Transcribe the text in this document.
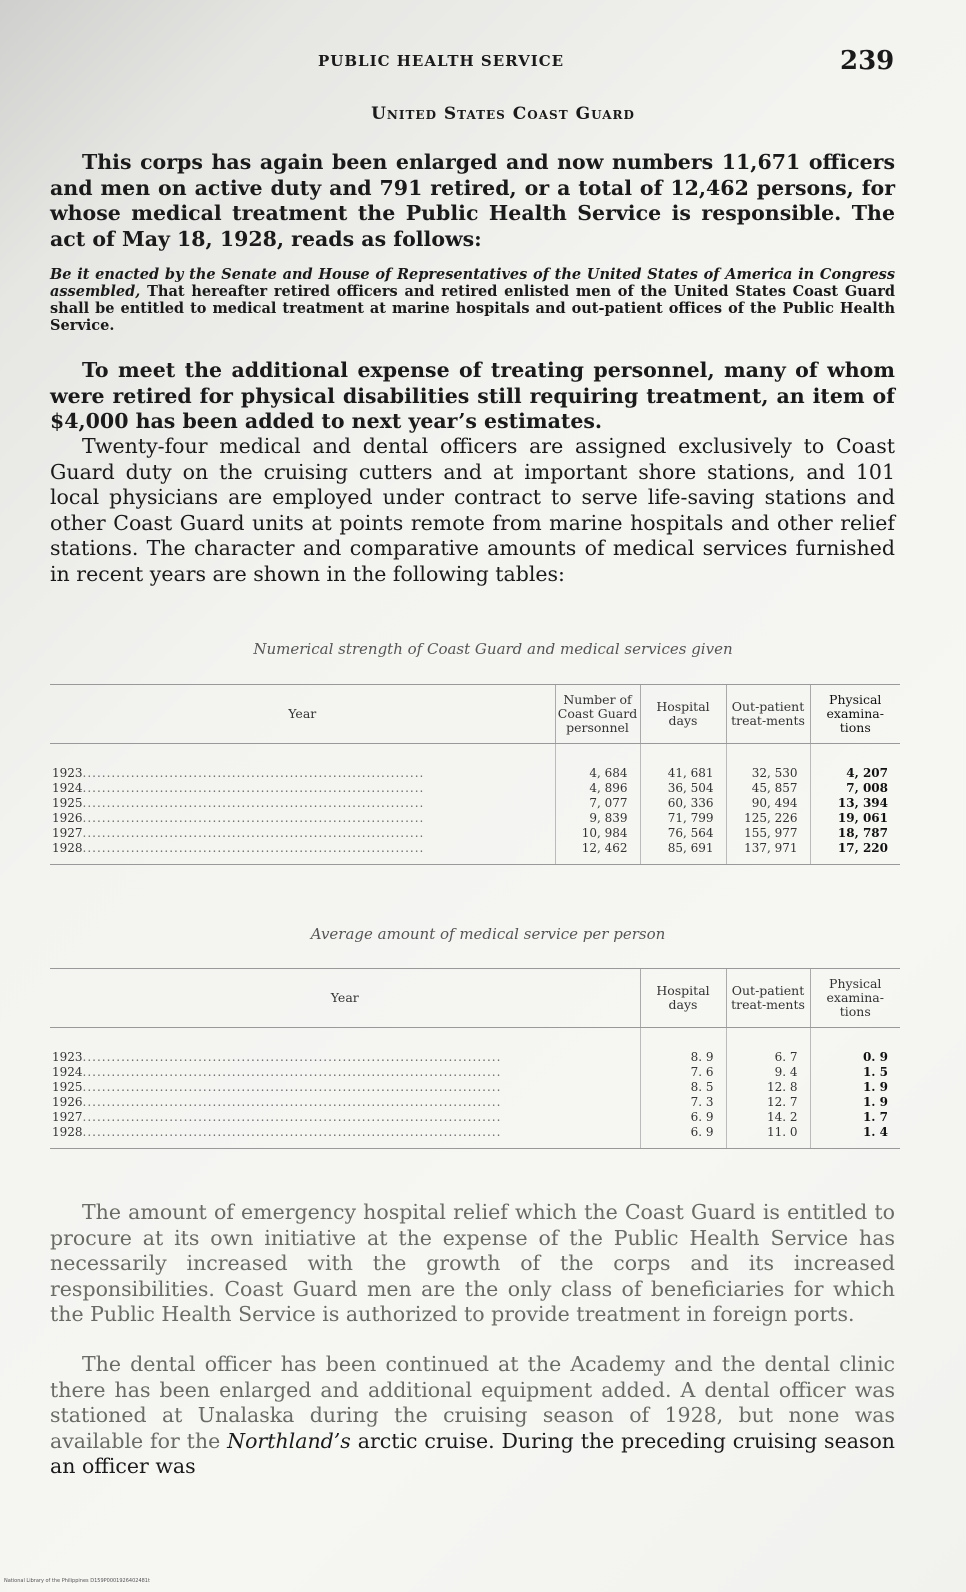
PUBLIC HEALTH SERVICE	239
United States Coast Guard

This corps has again been enlarged and now numbers 11,671 officers and men on active duty and 791 retired, or a total of 12,462 persons, for whose medical treatment the Public Health Service is responsible. The act of May 18, 1928, reads as follows:

Be it enacted by the Senate and House of Representatives of the United States of America in Congress assembled, That hereafter retired officers and retired enlisted men of the United States Coast Guard shall be entitled to medical treatment at marine hospitals and out-patient offices of the Public Health Service.

To meet the additional expense of treating personnel, many of whom were retired for physical disabilities still requiring treatment, an item of $4,000 has been added to next year’s estimates.

Twenty-four medical and dental officers are assigned exclusively to Coast Guard duty on the cruising cutters and at important shore stations, and 101 local physicians are employed under contract to serve life-saving stations and other Coast Guard units at points remote from marine hospitals and other relief stations. The character and comparative amounts of medical services furnished in recent years are shown in the following tables:

Numerical strength of Coast Guard and medical services given
Year	Number of Coast Guard personnel	Hospital days	Out-patient treat-ments	Physical examina-tions
1923.......................................................................	4, 684	41, 681	32, 530	4, 207
1924.......................................................................	4, 896	36, 504	45, 857	7, 008
1925.......................................................................	7, 077	60, 336	90, 494	13, 394
1926.......................................................................	9, 839	71, 799	125, 226	19, 061
1927.......................................................................	10, 984	76, 564	155, 977	18, 787
1928.......................................................................	12, 462	85, 691	137, 971	17, 220
Average amount of medical service per person
Year	Hospital days	Out-patient treat-ments	Physical examina-tions
1923.......................................................................................	8. 9	6. 7	0. 9
1924.......................................................................................	7. 6	9. 4	1. 5
1925.......................................................................................	8. 5	12. 8	1. 9
1926.......................................................................................	7. 3	12. 7	1. 9
1927.......................................................................................	6. 9	14. 2	1. 7
1928.......................................................................................	6. 9	11. 0	1. 4

The amount of emergency hospital relief which the Coast Guard is entitled to procure at its own initiative at the expense of the Public Health Service has necessarily increased with the growth of the corps and its increased responsibilities. Coast Guard men are the only class of beneficiaries for which the Public Health Service is authorized to provide treatment in foreign ports.

The dental officer has been continued at the Academy and the dental clinic there has been enlarged and additional equipment added. A dental officer was stationed at Unalaska during the cruising season of 1928, but none was available for the Northland’s arctic cruise. During the preceding cruising season an officer was

National Library of the Philippines D159P0001926402481t
